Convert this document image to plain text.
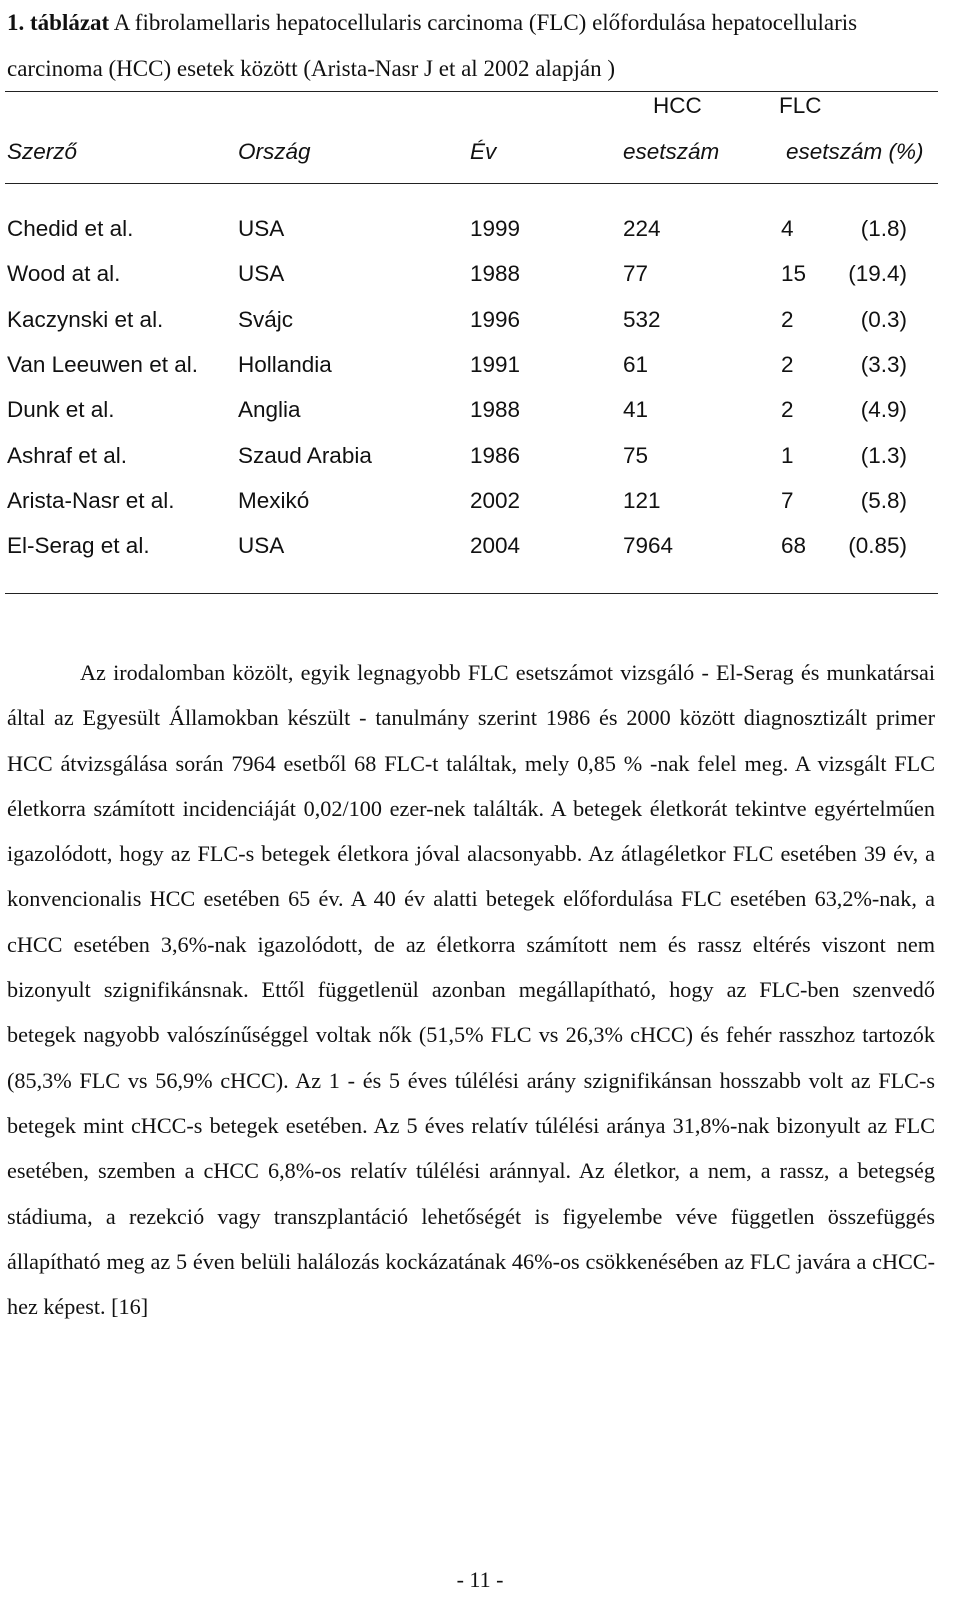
1. táblázat A fibrolamellaris hepatocellularis carcinoma (FLC) előfordulása hepatocellularis carcinoma (HCC) esetek között (Arista-Nasr J et al 2002 alapján )
HCC	FLC
Szerző	Ország	Év	esetszám	esetszám (%)
Chedid et al.	USA	1999	224	4	(1.8)
Wood at al.	USA	1988	77	15 (19.4)
Kaczynski et al.	Svájc	1996	532	2	(0.3)
Van Leeuwen et al. Hollandia	1991	61	2	(3.3)
Dunk et al.	Anglia	1988	41	2	(4.9)
Ashraf et al.	Szaud Arabia	1986	75	1	(1.3)
Arista-Nasr et al.	Mexikó	2002	121	7	(5.8)
El-Serag et al.	USA	2004	7964	68 (0.85)
Az irodalomban közölt, egyik legnagyobb FLC esetszámot vizsgáló - El-Serag és munkatársai által az Egyesült Államokban készült - tanulmány szerint 1986 és 2000 között diagnosztizált primer HCC átvizsgálása során 7964 esetből 68 FLC-t találtak, mely 0,85 % -nak felel meg. A vizsgált FLC életkorra számított incidenciáját 0,02/100 ezer-nek találták. A betegek életkorát tekintve egyértelműen igazolódott, hogy az FLC-s betegek életkora jóval alacsonyabb. Az átlagéletkor FLC esetében 39 év, a konvencionalis HCC esetében 65 év. A 40 év alatti betegek előfordulása FLC esetében 63,2%-nak, a cHCC esetében 3,6%-nak igazolódott, de az életkorra számított nem és rassz eltérés viszont nem bizonyult szignifikánsnak. Ettől függetlenül azonban megállapítható, hogy az FLC-ben szenvedő betegek nagyobb valószínűséggel voltak nők (51,5% FLC vs 26,3% cHCC) és fehér rasszhoz tartozók (85,3% FLC vs 56,9% cHCC). Az 1 - és 5 éves túlélési arány szignifikánsan hosszabb volt az FLC-s betegek mint cHCC-s betegek esetében. Az 5 éves relatív túlélési aránya 31,8%-nak bizonyult az FLC esetében, szemben a cHCC 6,8%-os relatív túlélési aránnyal. Az életkor, a nem, a rassz, a betegség stádiuma, a rezekció vagy transzplantáció lehetőségét is figyelembe véve független összefüggés állapítható meg az 5 éven belüli halálozás kockázatának 46%-os csökkenésében az FLC javára a cHCC-hez képest. [16]
- 11 -
